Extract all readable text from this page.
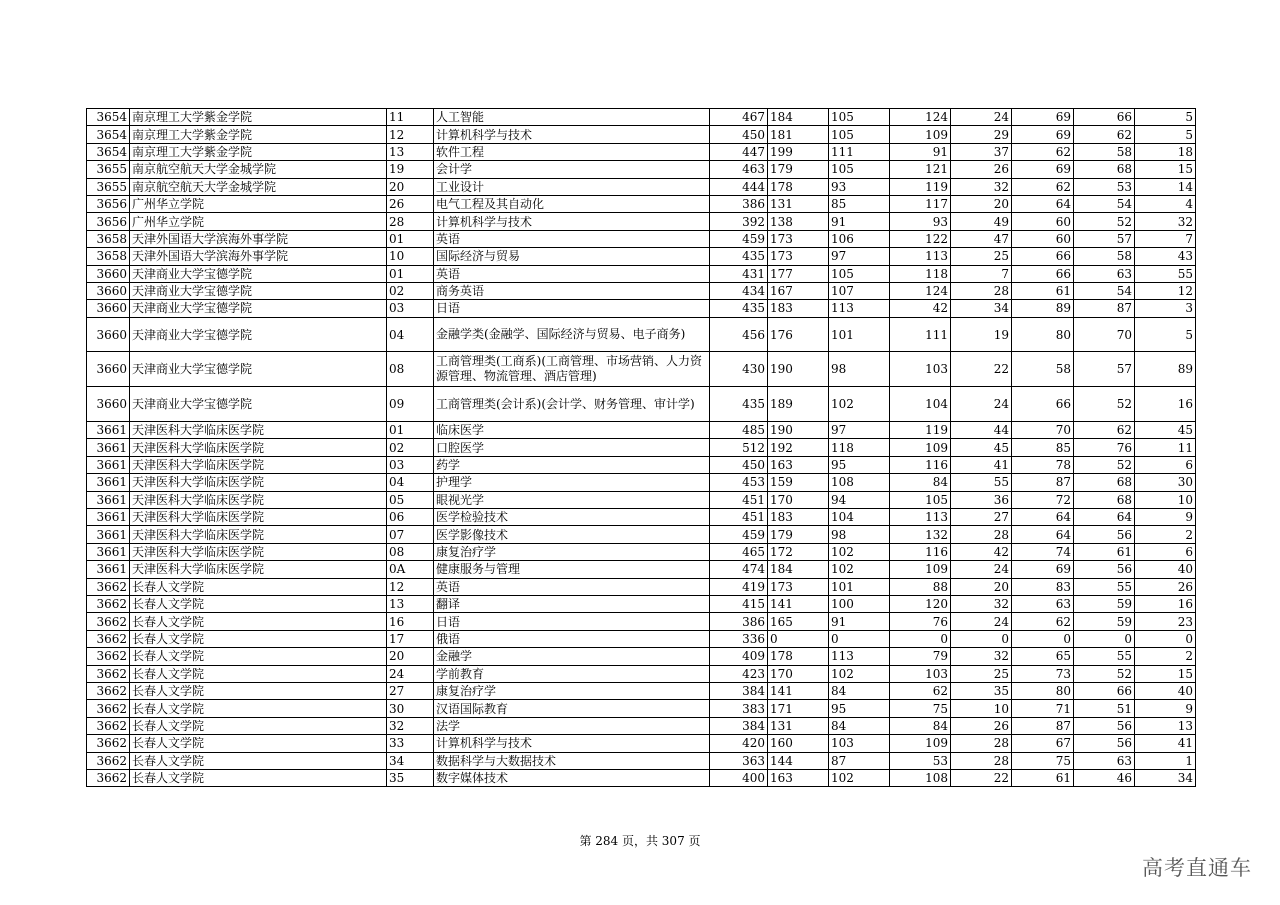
3654	南京理工大学紫金学院	11	人工智能	467	184	105	124	24	69	66	5
3654	南京理工大学紫金学院	12	计算机科学与技术	450	181	105	109	29	69	62	5
3654	南京理工大学紫金学院	13	软件工程	447	199	111	91	37	62	58	18
3655	南京航空航天大学金城学院	19	会计学	463	179	105	121	26	69	68	15
3655	南京航空航天大学金城学院	20	工业设计	444	178	93	119	32	62	53	14
3656	广州华立学院	26	电气工程及其自动化	386	131	85	117	20	64	54	4
3656	广州华立学院	28	计算机科学与技术	392	138	91	93	49	60	52	32
3658	天津外国语大学滨海外事学院	01	英语	459	173	106	122	47	60	57	7
3658	天津外国语大学滨海外事学院	10	国际经济与贸易	435	173	97	113	25	66	58	43
3660	天津商业大学宝德学院	01	英语	431	177	105	118	7	66	63	55
3660	天津商业大学宝德学院	02	商务英语	434	167	107	124	28	61	54	12
3660	天津商业大学宝德学院	03	日语	435	183	113	42	34	89	87	3
3660	天津商业大学宝德学院	04	金融学类(金融学、国际经济与贸易、电子商务)	456	176	101	111	19	80	70	5
3660	天津商业大学宝德学院	08	工商管理类(工商系)(工商管理、市场营销、人力资源管理、物流管理、酒店管理)	430	190	98	103	22	58	57	89
3660	天津商业大学宝德学院	09	工商管理类(会计系)(会计学、财务管理、审计学)	435	189	102	104	24	66	52	16
3661	天津医科大学临床医学院	01	临床医学	485	190	97	119	44	70	62	45
3661	天津医科大学临床医学院	02	口腔医学	512	192	118	109	45	85	76	11
3661	天津医科大学临床医学院	03	药学	450	163	95	116	41	78	52	6
3661	天津医科大学临床医学院	04	护理学	453	159	108	84	55	87	68	30
3661	天津医科大学临床医学院	05	眼视光学	451	170	94	105	36	72	68	10
3661	天津医科大学临床医学院	06	医学检验技术	451	183	104	113	27	64	64	9
3661	天津医科大学临床医学院	07	医学影像技术	459	179	98	132	28	64	56	2
3661	天津医科大学临床医学院	08	康复治疗学	465	172	102	116	42	74	61	6
3661	天津医科大学临床医学院	0A	健康服务与管理	474	184	102	109	24	69	56	40
3662	长春人文学院	12	英语	419	173	101	88	20	83	55	26
3662	长春人文学院	13	翻译	415	141	100	120	32	63	59	16
3662	长春人文学院	16	日语	386	165	91	76	24	62	59	23
3662	长春人文学院	17	俄语	336	0	0	0	0	0	0	0
3662	长春人文学院	20	金融学	409	178	113	79	32	65	55	2
3662	长春人文学院	24	学前教育	423	170	102	103	25	73	52	15
3662	长春人文学院	27	康复治疗学	384	141	84	62	35	80	66	40
3662	长春人文学院	30	汉语国际教育	383	171	95	75	10	71	51	9
3662	长春人文学院	32	法学	384	131	84	84	26	87	56	13
3662	长春人文学院	33	计算机科学与技术	420	160	103	109	28	67	56	41
3662	长春人文学院	34	数据科学与大数据技术	363	144	87	53	28	75	63	1
3662	长春人文学院	35	数字媒体技术	400	163	102	108	22	61	46	34
第 284 页，共 307 页
高考直通车
